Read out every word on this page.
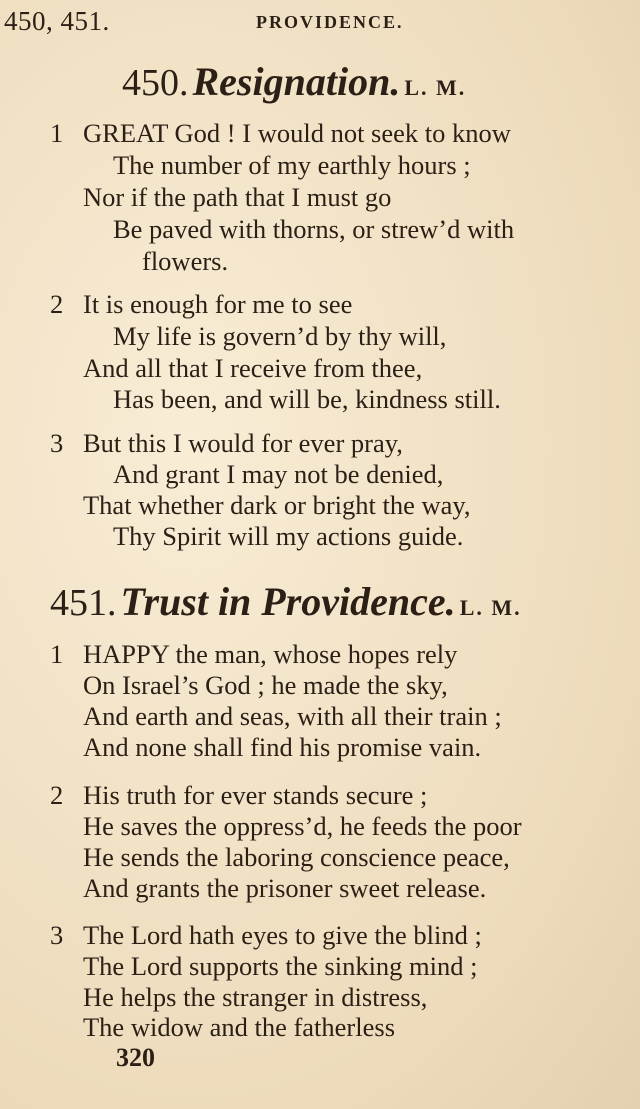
450, 451.	PROVIDENCE.
450. Resignation. L. M.
1 GREAT God ! I would not seek to know
The number of my earthly hours ;
Nor if the path that I must go
Be paved with thorns, or strew’d with
flowers.
2 It is enough for me to see
My life is govern’d by thy will,
And all that I receive from thee,
Has been, and will be, kindness still.
3 But this I would for ever pray,
And grant I may not be denied,
That whether dark or bright the way,
Thy Spirit will my actions guide.
451. Trust in Providence. L. M.
1 HAPPY the man, whose hopes rely
On Israel’s God ; he made the sky,
And earth and seas, with all their train ;
And none shall find his promise vain.
2 His truth for ever stands secure ;
He saves the oppress’d, he feeds the poor
He sends the laboring conscience peace,
And grants the prisoner sweet release.
3 The Lord hath eyes to give the blind ;
The Lord supports the sinking mind ;
He helps the stranger in distress,
The widow and the fatherless
320
